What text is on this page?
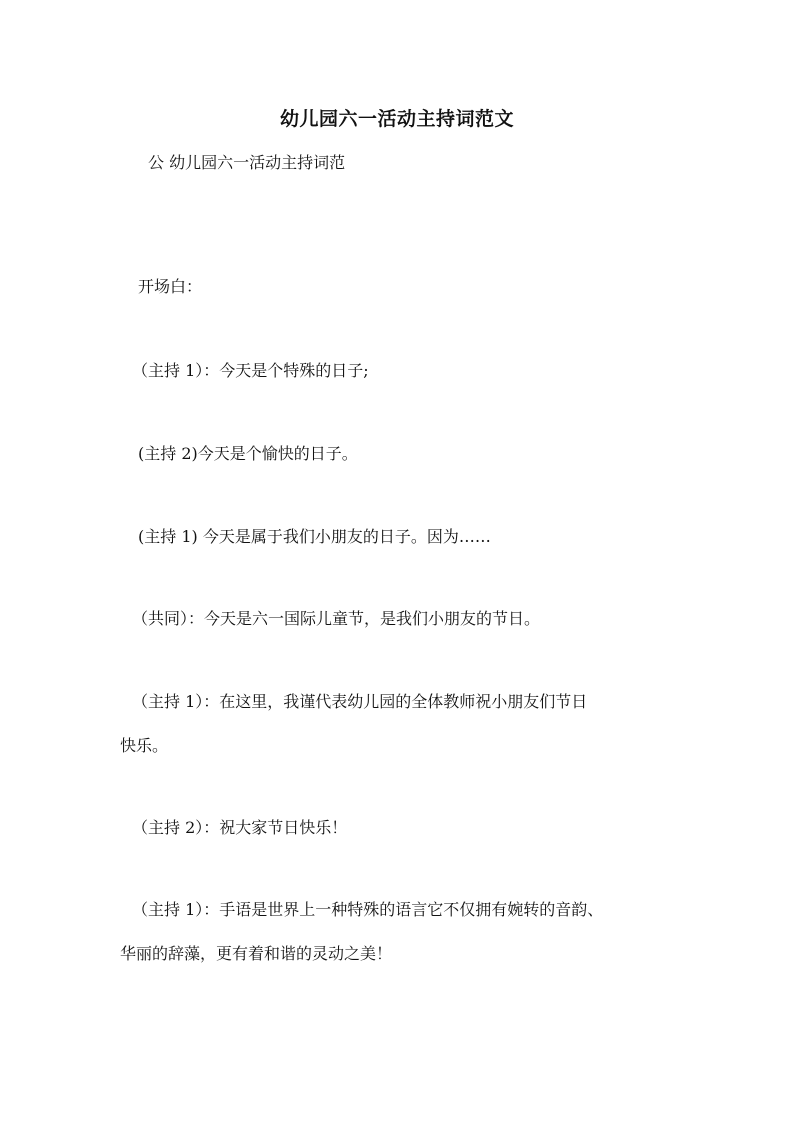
幼儿园六一活动主持词范文
公 幼儿园六一活动主持词范
开场白：
（主持 1）：今天是个特殊的日子;
(主持 2)今天是个愉快的日子。
(主持 1) 今天是属于我们小朋友的日子。因为……
（共同）：今天是六一国际儿童节，是我们小朋友的节日。
（主持 1）：在这里，我谨代表幼儿园的全体教师祝小朋友们节日
快乐。
（主持 2）：祝大家节日快乐！
（主持 1）：手语是世界上一种特殊的语言它不仅拥有婉转的音韵、
华丽的辞藻，更有着和谐的灵动之美！
